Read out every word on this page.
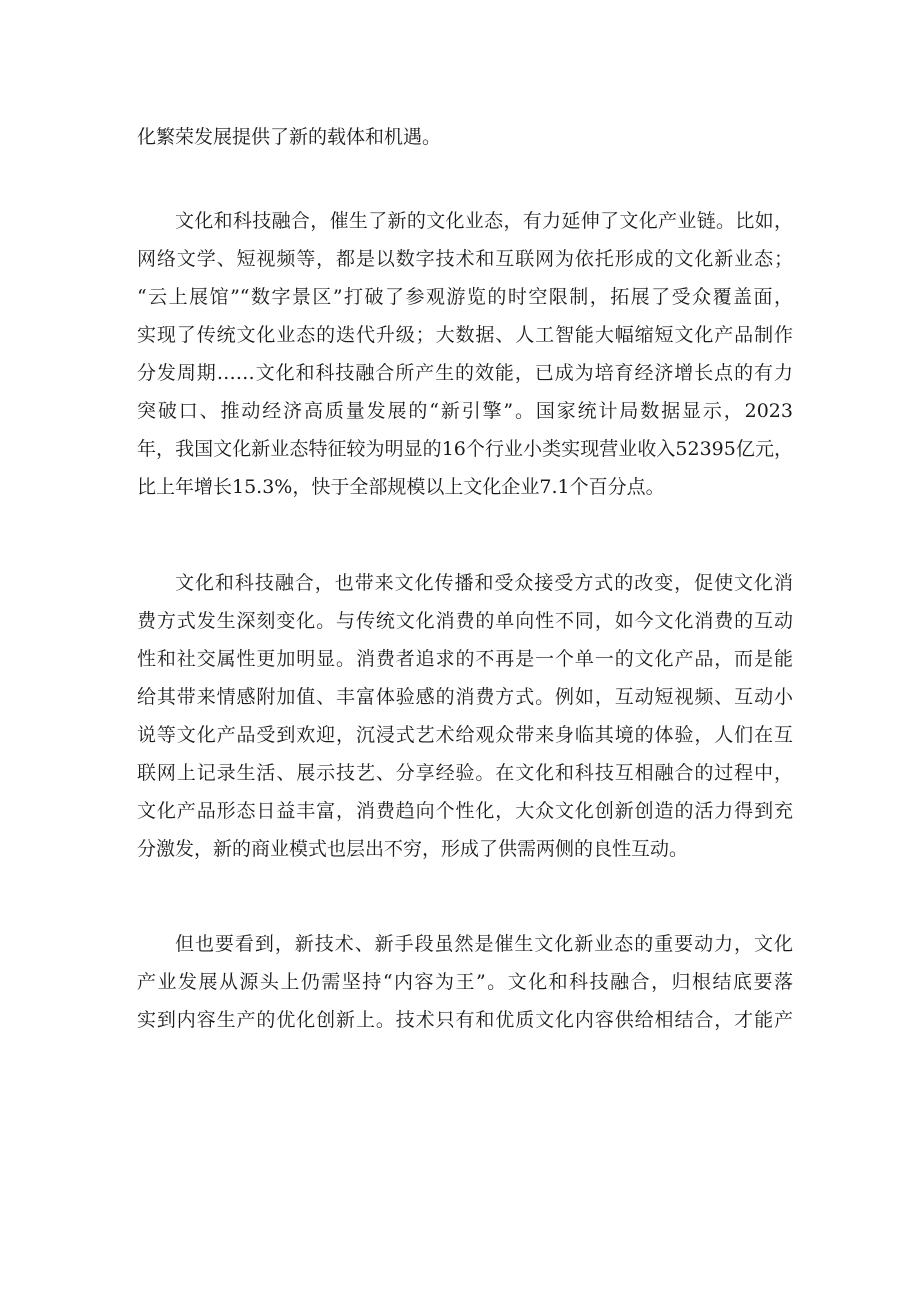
化繁荣发展提供了新的载体和机遇。
文化和科技融合，催生了新的文化业态，有力延伸了文化产业链。比如，
网络文学、短视频等，都是以数字技术和互联网为依托形成的文化新业态；
“云上展馆”“数字景区”打破了参观游览的时空限制，拓展了受众覆盖面，
实现了传统文化业态的迭代升级；大数据、人工智能大幅缩短文化产品制作
分发周期……文化和科技融合所产生的效能，已成为培育经济增长点的有力
突破口、推动经济高质量发展的“新引擎”。国家统计局数据显示，2023
年，我国文化新业态特征较为明显的16个行业小类实现营业收入52395亿元，
比上年增长15.3%，快于全部规模以上文化企业7.1个百分点。
文化和科技融合，也带来文化传播和受众接受方式的改变，促使文化消
费方式发生深刻变化。与传统文化消费的单向性不同，如今文化消费的互动
性和社交属性更加明显。消费者追求的不再是一个单一的文化产品，而是能
给其带来情感附加值、丰富体验感的消费方式。例如，互动短视频、互动小
说等文化产品受到欢迎，沉浸式艺术给观众带来身临其境的体验，人们在互
联网上记录生活、展示技艺、分享经验。在文化和科技互相融合的过程中，
文化产品形态日益丰富，消费趋向个性化，大众文化创新创造的活力得到充
分激发，新的商业模式也层出不穷，形成了供需两侧的良性互动。
但也要看到，新技术、新手段虽然是催生文化新业态的重要动力，文化
产业发展从源头上仍需坚持“内容为王”。文化和科技融合，归根结底要落
实到内容生产的优化创新上。技术只有和优质文化内容供给相结合，才能产
